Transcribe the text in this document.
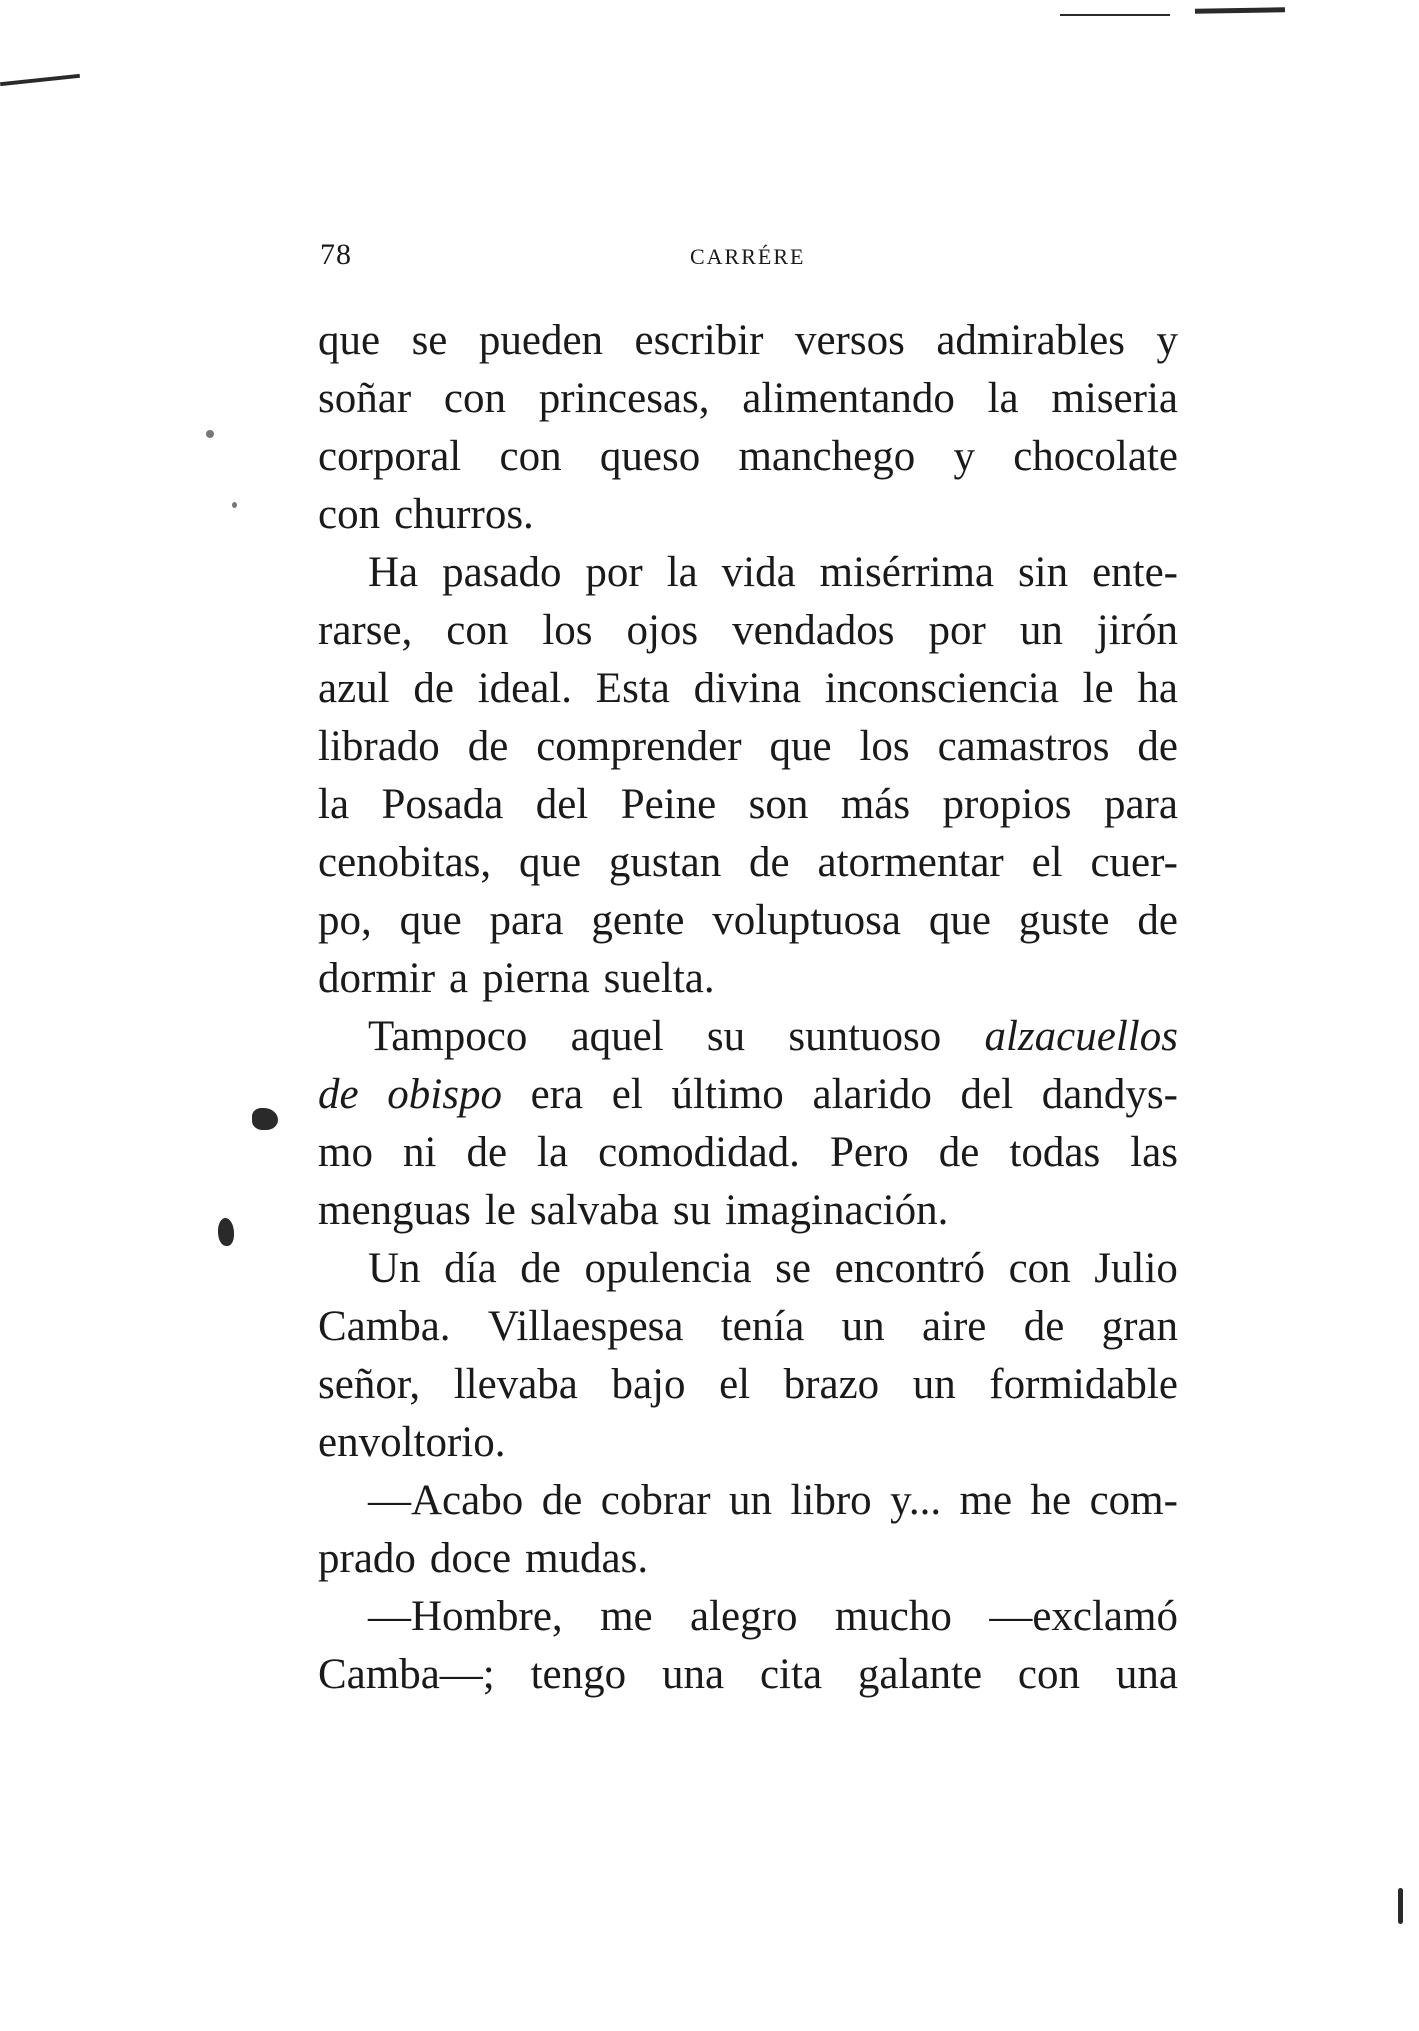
78	CARRÉRE
que se pueden escribir versos admirables y
soñar con princesas, alimentando la miseria
corporal con queso manchego y chocolate
con churros.
Ha pasado por la vida misérrima sin ente-
rarse, con los ojos vendados por un jirón
azul de ideal. Esta divina inconsciencia le ha
librado de comprender que los camastros de
la Posada del Peine son más propios para
cenobitas, que gustan de atormentar el cuer-
po, que para gente voluptuosa que guste de
dormir a pierna suelta.
Tampoco aquel su suntuoso alzacuellos
de obispo era el último alarido del dandys-
mo ni de la comodidad. Pero de todas las
menguas le salvaba su imaginación.
Un día de opulencia se encontró con Julio
Camba. Villaespesa tenía un aire de gran
señor, llevaba bajo el brazo un formidable
envoltorio.
—Acabo de cobrar un libro y... me he com-
prado doce mudas.
—Hombre, me alegro mucho —exclamó
Camba—; tengo una cita galante con una
